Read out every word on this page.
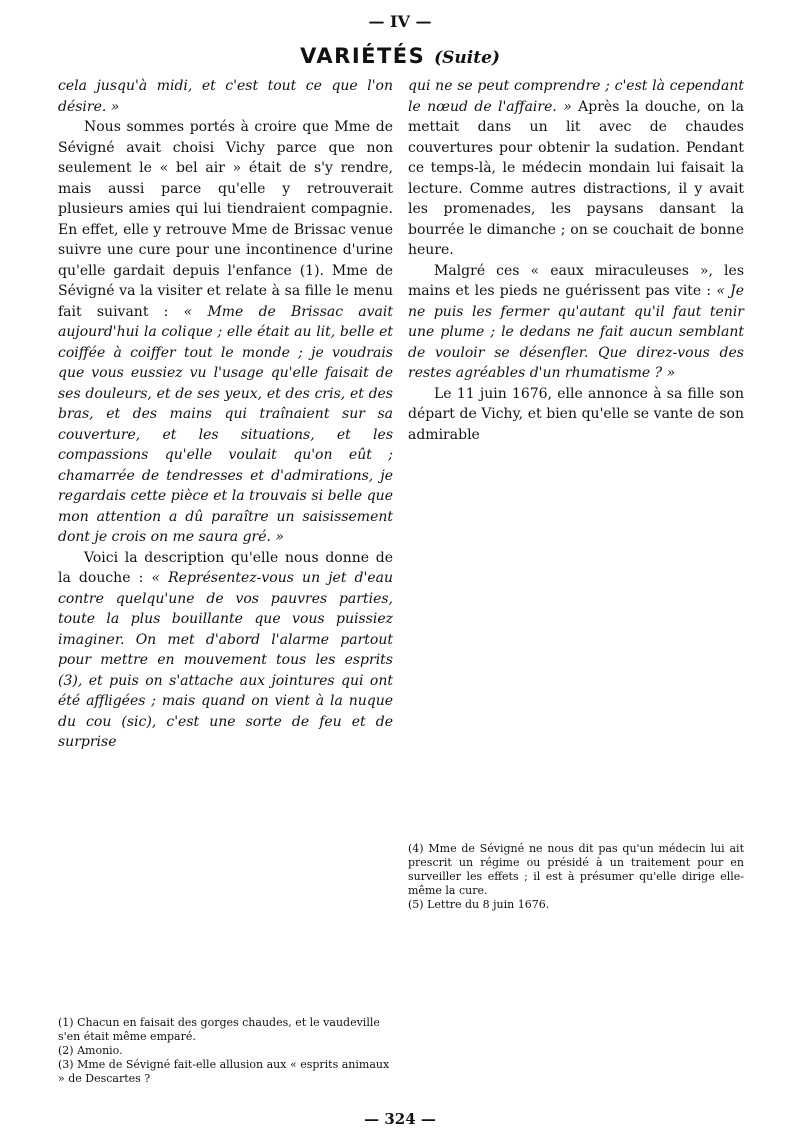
— IV —
VARIÉTÉS (Suite)

cela jusqu'à midi, et c'est tout ce que l'on désire. »

Nous sommes portés à croire que Mme de Sévigné avait choisi Vichy parce que non seulement le « bel air » était de s'y rendre, mais aussi parce qu'elle y retrouverait plusieurs amies qui lui tiendraient compagnie. En effet, elle y retrouve Mme de Brissac venue suivre une cure pour une incontinence d'urine qu'elle gardait depuis l'enfance (1). Mme de Sévigné va la visiter et relate à sa fille le menu fait suivant : « Mme de Brissac avait aujourd'hui la colique ; elle était au lit, belle et coiffée à coiffer tout le monde ; je voudrais que vous eussiez vu l'usage qu'elle faisait de ses douleurs, et de ses yeux, et des cris, et des bras, et des mains qui traînaient sur sa couverture, et les situations, et les compassions qu'elle voulait qu'on eût ; chamarrée de tendresses et d'admirations, je regardais cette pièce et la trouvais si belle que mon attention a dû paraître un saisissement dont je crois on me saura gré. »

Voici la description qu'elle nous donne de la douche : « Représentez-vous un jet d'eau contre quelqu'une de vos pauvres parties, toute la plus bouillante que vous puissiez imaginer. On met d'abord l'alarme partout pour mettre en mouvement tous les esprits (3), et puis on s'attache aux jointures qui ont été affligées ; mais quand on vient à la nuque du cou (sic), c'est une sorte de feu et de surprise

qui ne se peut comprendre ; c'est là cependant le nœud de l'affaire. » Après la douche, on la mettait dans un lit avec de chaudes couvertures pour obtenir la sudation. Pendant ce temps-là, le médecin mondain lui faisait la lecture. Comme autres distractions, il y avait les promenades, les paysans dansant la bourrée le dimanche ; on se couchait de bonne heure.

Malgré ces « eaux miraculeuses », les mains et les pieds ne guérissent pas vite : « Je ne puis les fermer qu'autant qu'il faut tenir une plume ; le dedans ne fait aucun semblant de vouloir se désenfler. Que direz-vous des restes agréables d'un rhumatisme ? »

Le 11 juin 1676, elle annonce à sa fille son départ de Vichy, et bien qu'elle se vante de son admirable

(4) Mme de Sévigné ne nous dit pas qu'un médecin lui ait prescrit un régime ou présidé à un traitement pour en surveiller les effets ; il est à présumer qu'elle dirige elle-même la cure.

(5) Lettre du 8 juin 1676.

(1) Chacun en faisait des gorges chaudes, et le vaudeville s'en était même emparé.

(2) Amonio.

(3) Mme de Sévigné fait-elle allusion aux « esprits animaux » de Descartes ?

— 324 —
